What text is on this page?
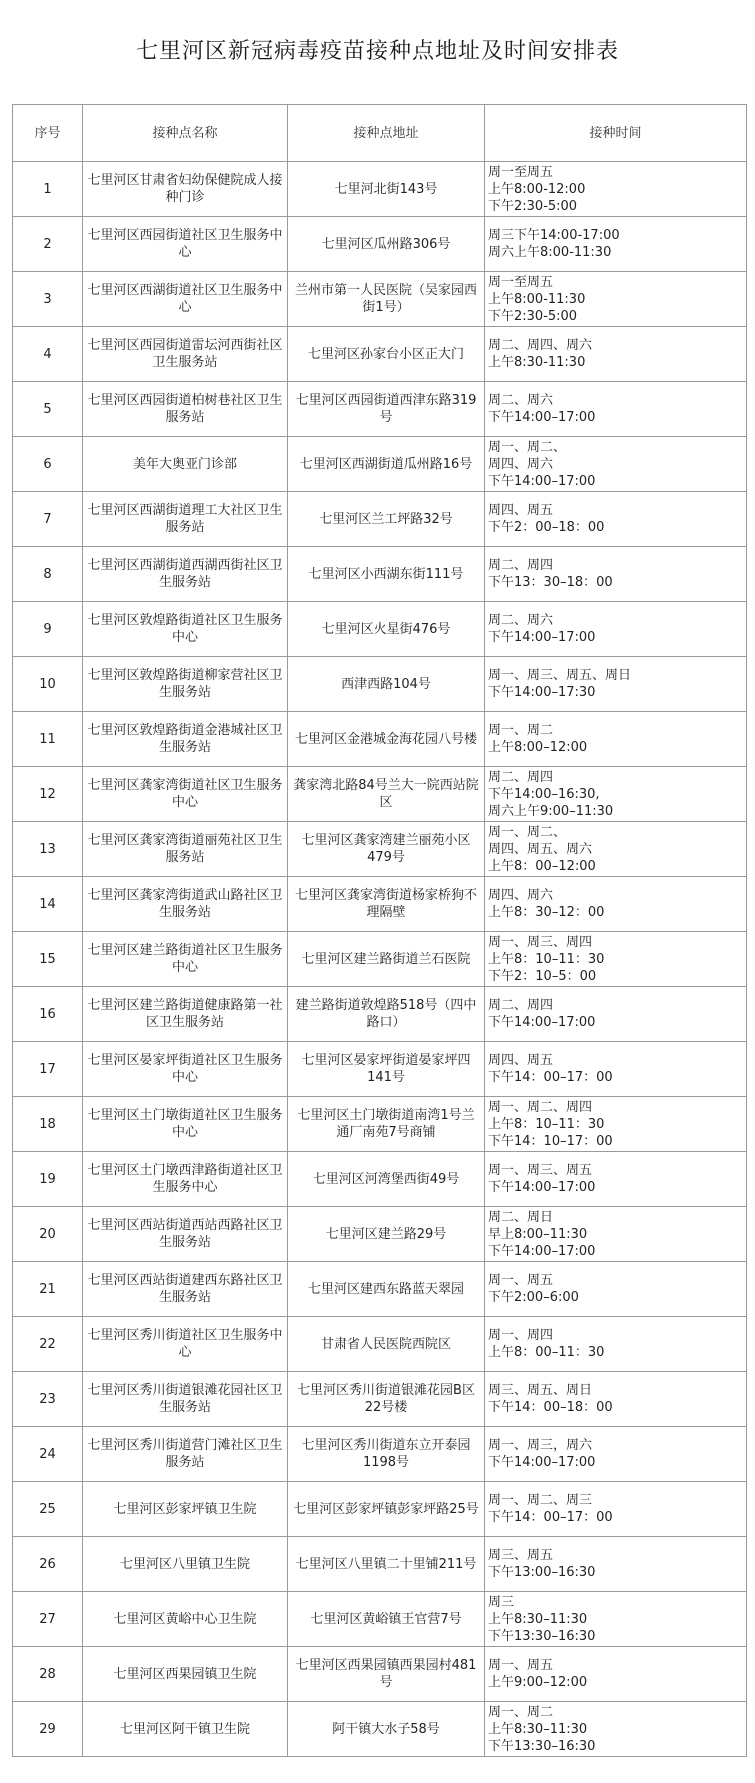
七里河区新冠病毒疫苗接种点地址及时间安排表
序号	接种点名称	接种点地址	接种时间
1	七里河区甘肃省妇幼保健院成人接种门诊	七里河北街143号	周一至周五
上午8:00-12:00
下午2:30-5:00
2	七里河区西园街道社区卫生服务中心	七里河区瓜州路306号	周三下午14:00-17:00
周六上午8:00-11:30
3	七里河区西湖街道社区卫生服务中心	兰州市第一人民医院（吴家园西街1号）	周一至周五
上午8:00-11:30
下午2:30-5:00
4	七里河区西园街道雷坛河西街社区卫生服务站	七里河区孙家台小区正大门	周二、周四、周六
上午8:30-11:30
5	七里河区西园街道柏树巷社区卫生服务站	七里河区西园街道西津东路319号	周二、周六
下午14:00–17:00
6	美年大奥亚门诊部	七里河区西湖街道瓜州路16号	周一、周二、
周四、周六
下午14:00–17:00
7	七里河区西湖街道理工大社区卫生服务站	七里河区兰工坪路32号	周四、周五
下午2：00–18：00
8	七里河区西湖街道西湖西街社区卫生服务站	七里河区小西湖东街111号	周二、周四
下午13：30–18：00
9	七里河区敦煌路街道社区卫生服务中心	七里河区火星街476号	周二、周六
下午14:00–17:00
10	七里河区敦煌路街道柳家营社区卫生服务站	西津西路104号	周一、周三、周五、周日
下午14:00–17:30
11	七里河区敦煌路街道金港城社区卫生服务站	七里河区金港城金海花园八号楼	周一、周二
上午8:00–12:00
12	七里河区龚家湾街道社区卫生服务中心	龚家湾北路84号兰大一院西站院区	周二、周四
下午14:00–16:30,
周六上午9:00–11:30
13	七里河区龚家湾街道丽苑社区卫生服务站	七里河区龚家湾建兰丽苑小区479号	周一、周二、
周四、周五、周六
上午8：00–12:00
14	七里河区龚家湾街道武山路社区卫生服务站	七里河区龚家湾街道杨家桥狗不理隔壁	周四、周六
上午8：30–12：00
15	七里河区建兰路街道社区卫生服务中心	七里河区建兰路街道兰石医院	周一、周三、周四
上午8：10–11：30
下午2：10–5：00
16	七里河区建兰路街道健康路第一社区卫生服务站	建兰路街道敦煌路518号（四中路口）	周二、周四
下午14:00–17:00
17	七里河区晏家坪街道社区卫生服务中心	七里河区晏家坪街道晏家坪四141号	周四、周五
下午14：00–17：00
18	七里河区土门墩街道社区卫生服务中心	七里河区土门墩街道南湾1号兰通厂南苑7号商铺	周一、周二、周四
上午8：10–11：30
下午14：10–17：00
19	七里河区土门墩西津路街道社区卫生服务中心	七里河区河湾堡西街49号	周一、周三、周五
下午14:00–17:00
20	七里河区西站街道西站西路社区卫生服务站	七里河区建兰路29号	周二、周日
早上8:00–11:30
下午14:00–17:00
21	七里河区西站街道建西东路社区卫生服务站	七里河区建西东路蓝天翠园	周一、周五
下午2:00–6:00
22	七里河区秀川街道社区卫生服务中心	甘肃省人民医院西院区	周一、周四
上午8：00–11：30
23	七里河区秀川街道银滩花园社区卫生服务站	七里河区秀川街道银滩花园B区22号楼	周三、周五、周日
下午14：00–18：00
24	七里河区秀川街道营门滩社区卫生服务站	七里河区秀川街道东立开泰园1198号	周一、周三，周六
下午14:00–17:00
25	七里河区彭家坪镇卫生院	七里河区彭家坪镇彭家坪路25号	周一、周二、周三
下午14：00–17：00
26	七里河区八里镇卫生院	七里河区八里镇二十里铺211号	周三、周五
下午13:00–16:30
27	七里河区黄峪中心卫生院	七里河区黄峪镇王官营7号	周三
上午8:30–11:30
下午13:30–16:30
28	七里河区西果园镇卫生院	七里河区西果园镇西果园村481号	周一、周五
上午9:00–12:00
29	七里河区阿干镇卫生院	阿干镇大水子58号	周一、周二
上午8:30–11:30
下午13:30–16:30
